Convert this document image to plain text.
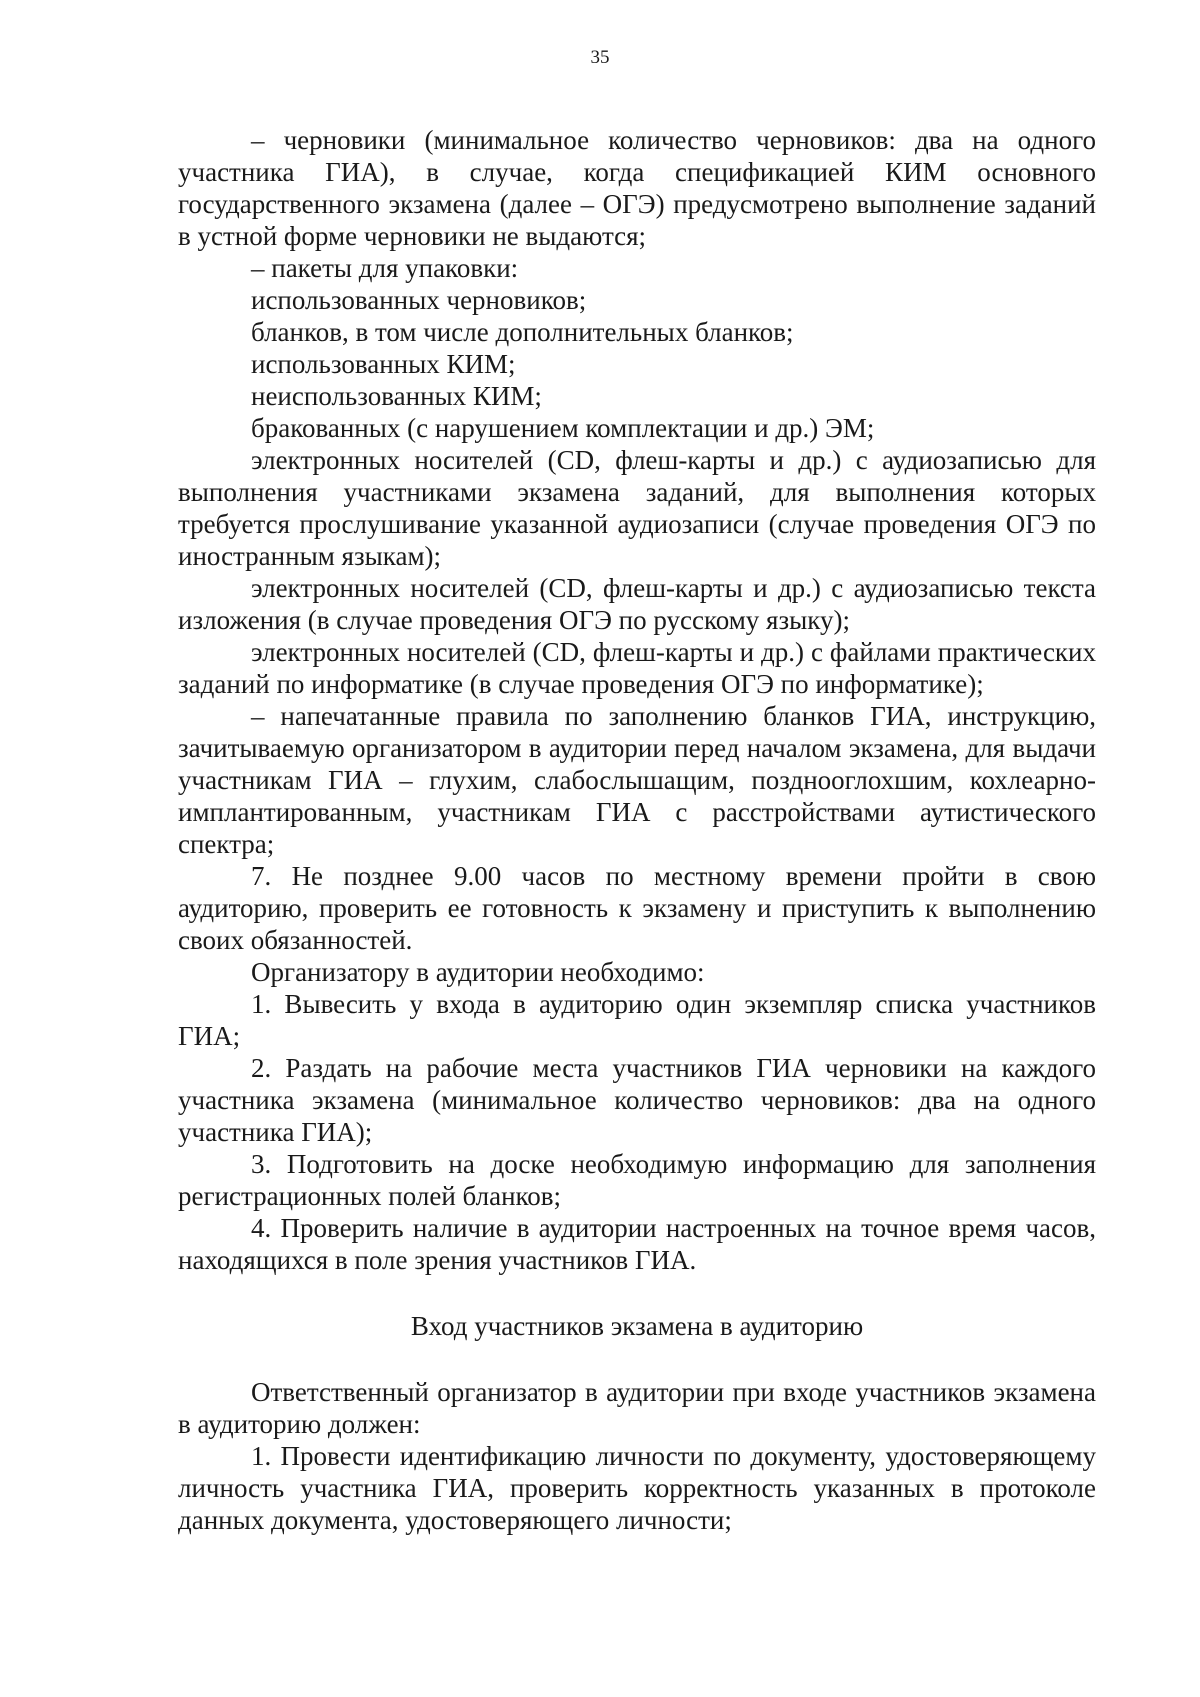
35

– черновики (минимальное количество черновиков: два на одного участника ГИА), в случае, когда спецификацией КИМ основного государственного экзамена (далее – ОГЭ) предусмотрено выполнение заданий в устной форме черновики не выдаются;

– пакеты для упаковки:

использованных черновиков;

бланков, в том числе дополнительных бланков;

использованных КИМ;

неиспользованных КИМ;

бракованных (с нарушением комплектации и др.) ЭМ;

электронных носителей (CD, флеш-карты и др.) с аудиозаписью для выполнения участниками экзамена заданий, для выполнения которых требуется прослушивание указанной аудиозаписи (случае проведения ОГЭ по иностранным языкам);

электронных носителей (CD, флеш-карты и др.) с аудиозаписью текста изложения (в случае проведения ОГЭ по русскому языку);

электронных носителей (CD, флеш-карты и др.) с файлами практических заданий по информатике (в случае проведения ОГЭ по информатике);

– напечатанные правила по заполнению бланков ГИА, инструкцию, зачитываемую организатором в аудитории перед началом экзамена, для выдачи участникам ГИА – глухим, слабослышащим, позднооглохшим, кохлеарно-имплантированным, участникам ГИА с расстройствами аутистического спектра;

7. Не позднее 9.00 часов по местному времени пройти в свою аудиторию, проверить ее готовность к экзамену и приступить к выполнению своих обязанностей.

Организатору в аудитории необходимо:

1. Вывесить у входа в аудиторию один экземпляр списка участников ГИА;

2. Раздать на рабочие места участников ГИА черновики на каждого участника экзамена (минимальное количество черновиков: два на одного участника ГИА);

3. Подготовить на доске необходимую информацию для заполнения регистрационных полей бланков;

4. Проверить наличие в аудитории настроенных на точное время часов, находящихся в поле зрения участников ГИА.

Вход участников экзамена в аудиторию

Ответственный организатор в аудитории при входе участников экзамена в аудиторию должен:

1. Провести идентификацию личности по документу, удостоверяющему личность участника ГИА, проверить корректность указанных в протоколе данных документа, удостоверяющего личности;
